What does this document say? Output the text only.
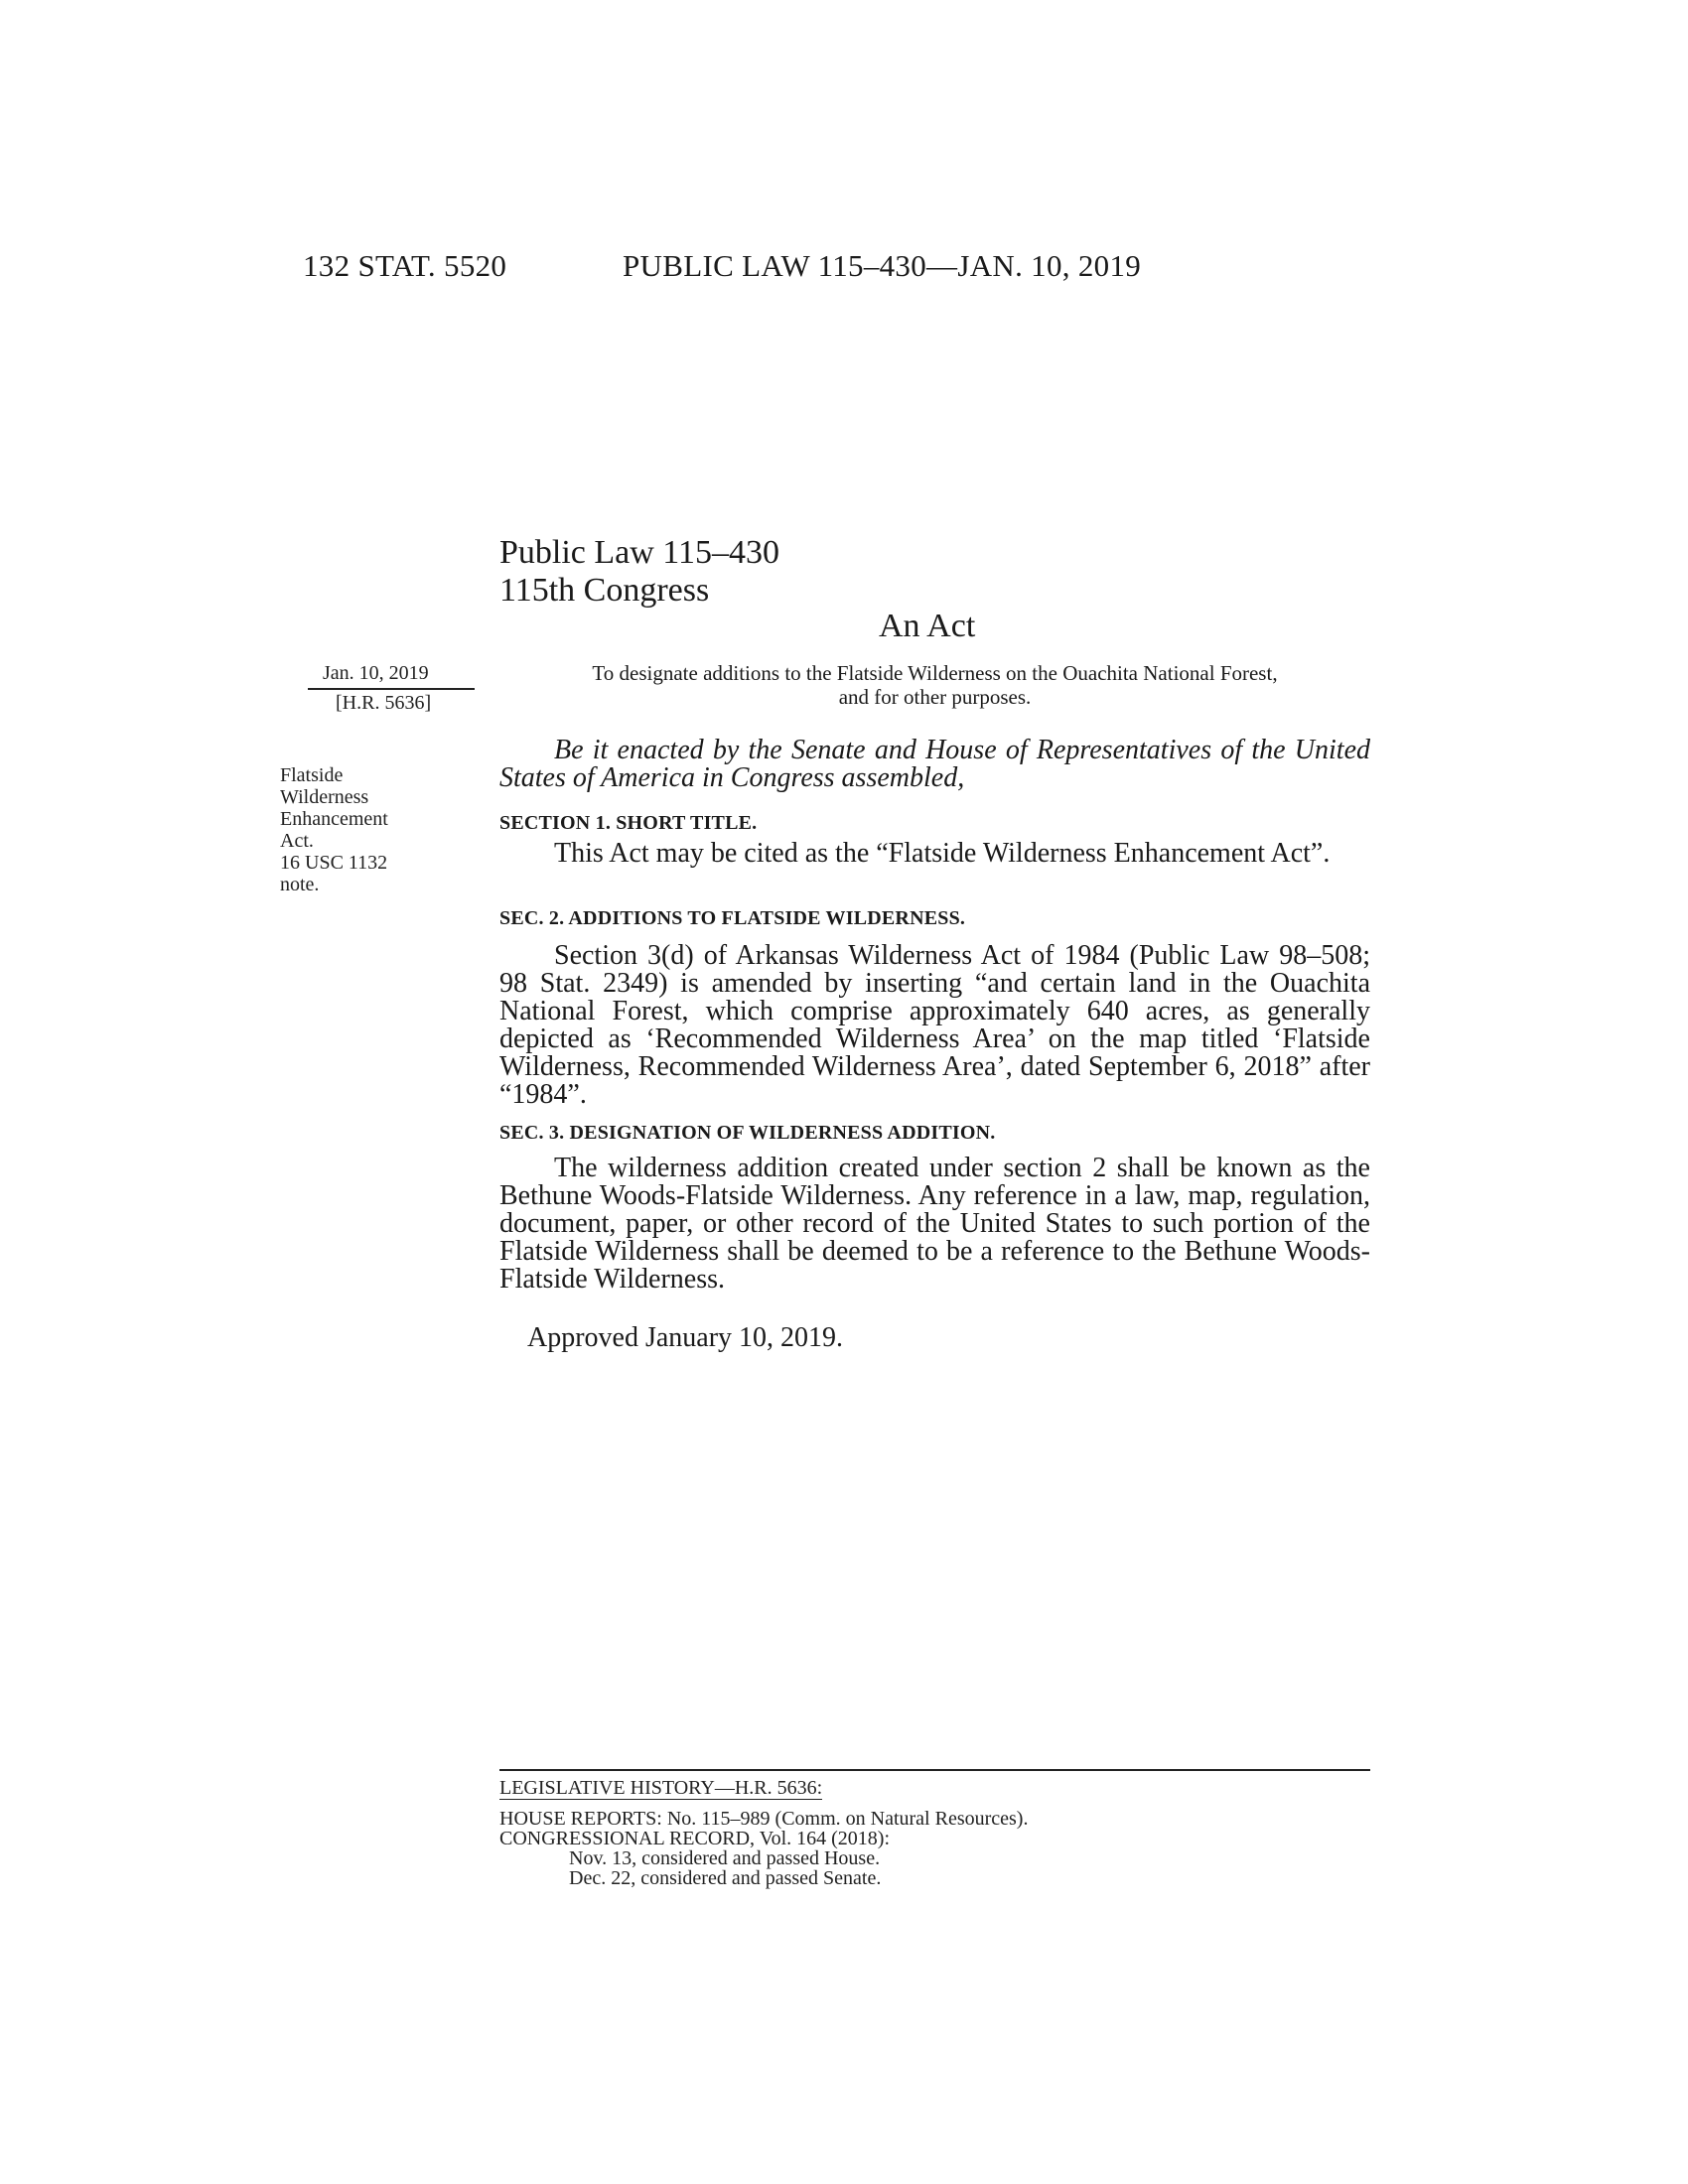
132 STAT. 5520	PUBLIC LAW 115–430—JAN. 10, 2019
Public Law 115–430
115th Congress
An Act
Jan. 10, 2019
[H.R. 5636]
Flatside
Wilderness
Enhancement
Act.
16 USC 1132
note.
To designate additions to the Flatside Wilderness on the Ouachita National Forest,
and for other purposes.
Be it enacted by the Senate and House of Representatives of the United States of America in Congress assembled,
SECTION 1. SHORT TITLE.
This Act may be cited as the “Flatside Wilderness Enhancement Act”.
SEC. 2. ADDITIONS TO FLATSIDE WILDERNESS.
Section 3(d) of Arkansas Wilderness Act of 1984 (Public Law 98–508; 98 Stat. 2349) is amended by inserting “and certain land in the Ouachita National Forest, which comprise approximately 640 acres, as generally depicted as ‘Recommended Wilderness Area’ on the map titled ‘Flatside Wilderness, Recommended Wilderness Area’, dated September 6, 2018” after “1984”.
SEC. 3. DESIGNATION OF WILDERNESS ADDITION.
The wilderness addition created under section 2 shall be known as the Bethune Woods-Flatside Wilderness. Any reference in a law, map, regulation, document, paper, or other record of the United States to such portion of the Flatside Wilderness shall be deemed to be a reference to the Bethune Woods-Flatside Wilderness.
Approved January 10, 2019.
LEGISLATIVE HISTORY—H.R. 5636:
HOUSE REPORTS: No. 115–989 (Comm. on Natural Resources).
CONGRESSIONAL RECORD, Vol. 164 (2018):
Nov. 13, considered and passed House.
Dec. 22, considered and passed Senate.
